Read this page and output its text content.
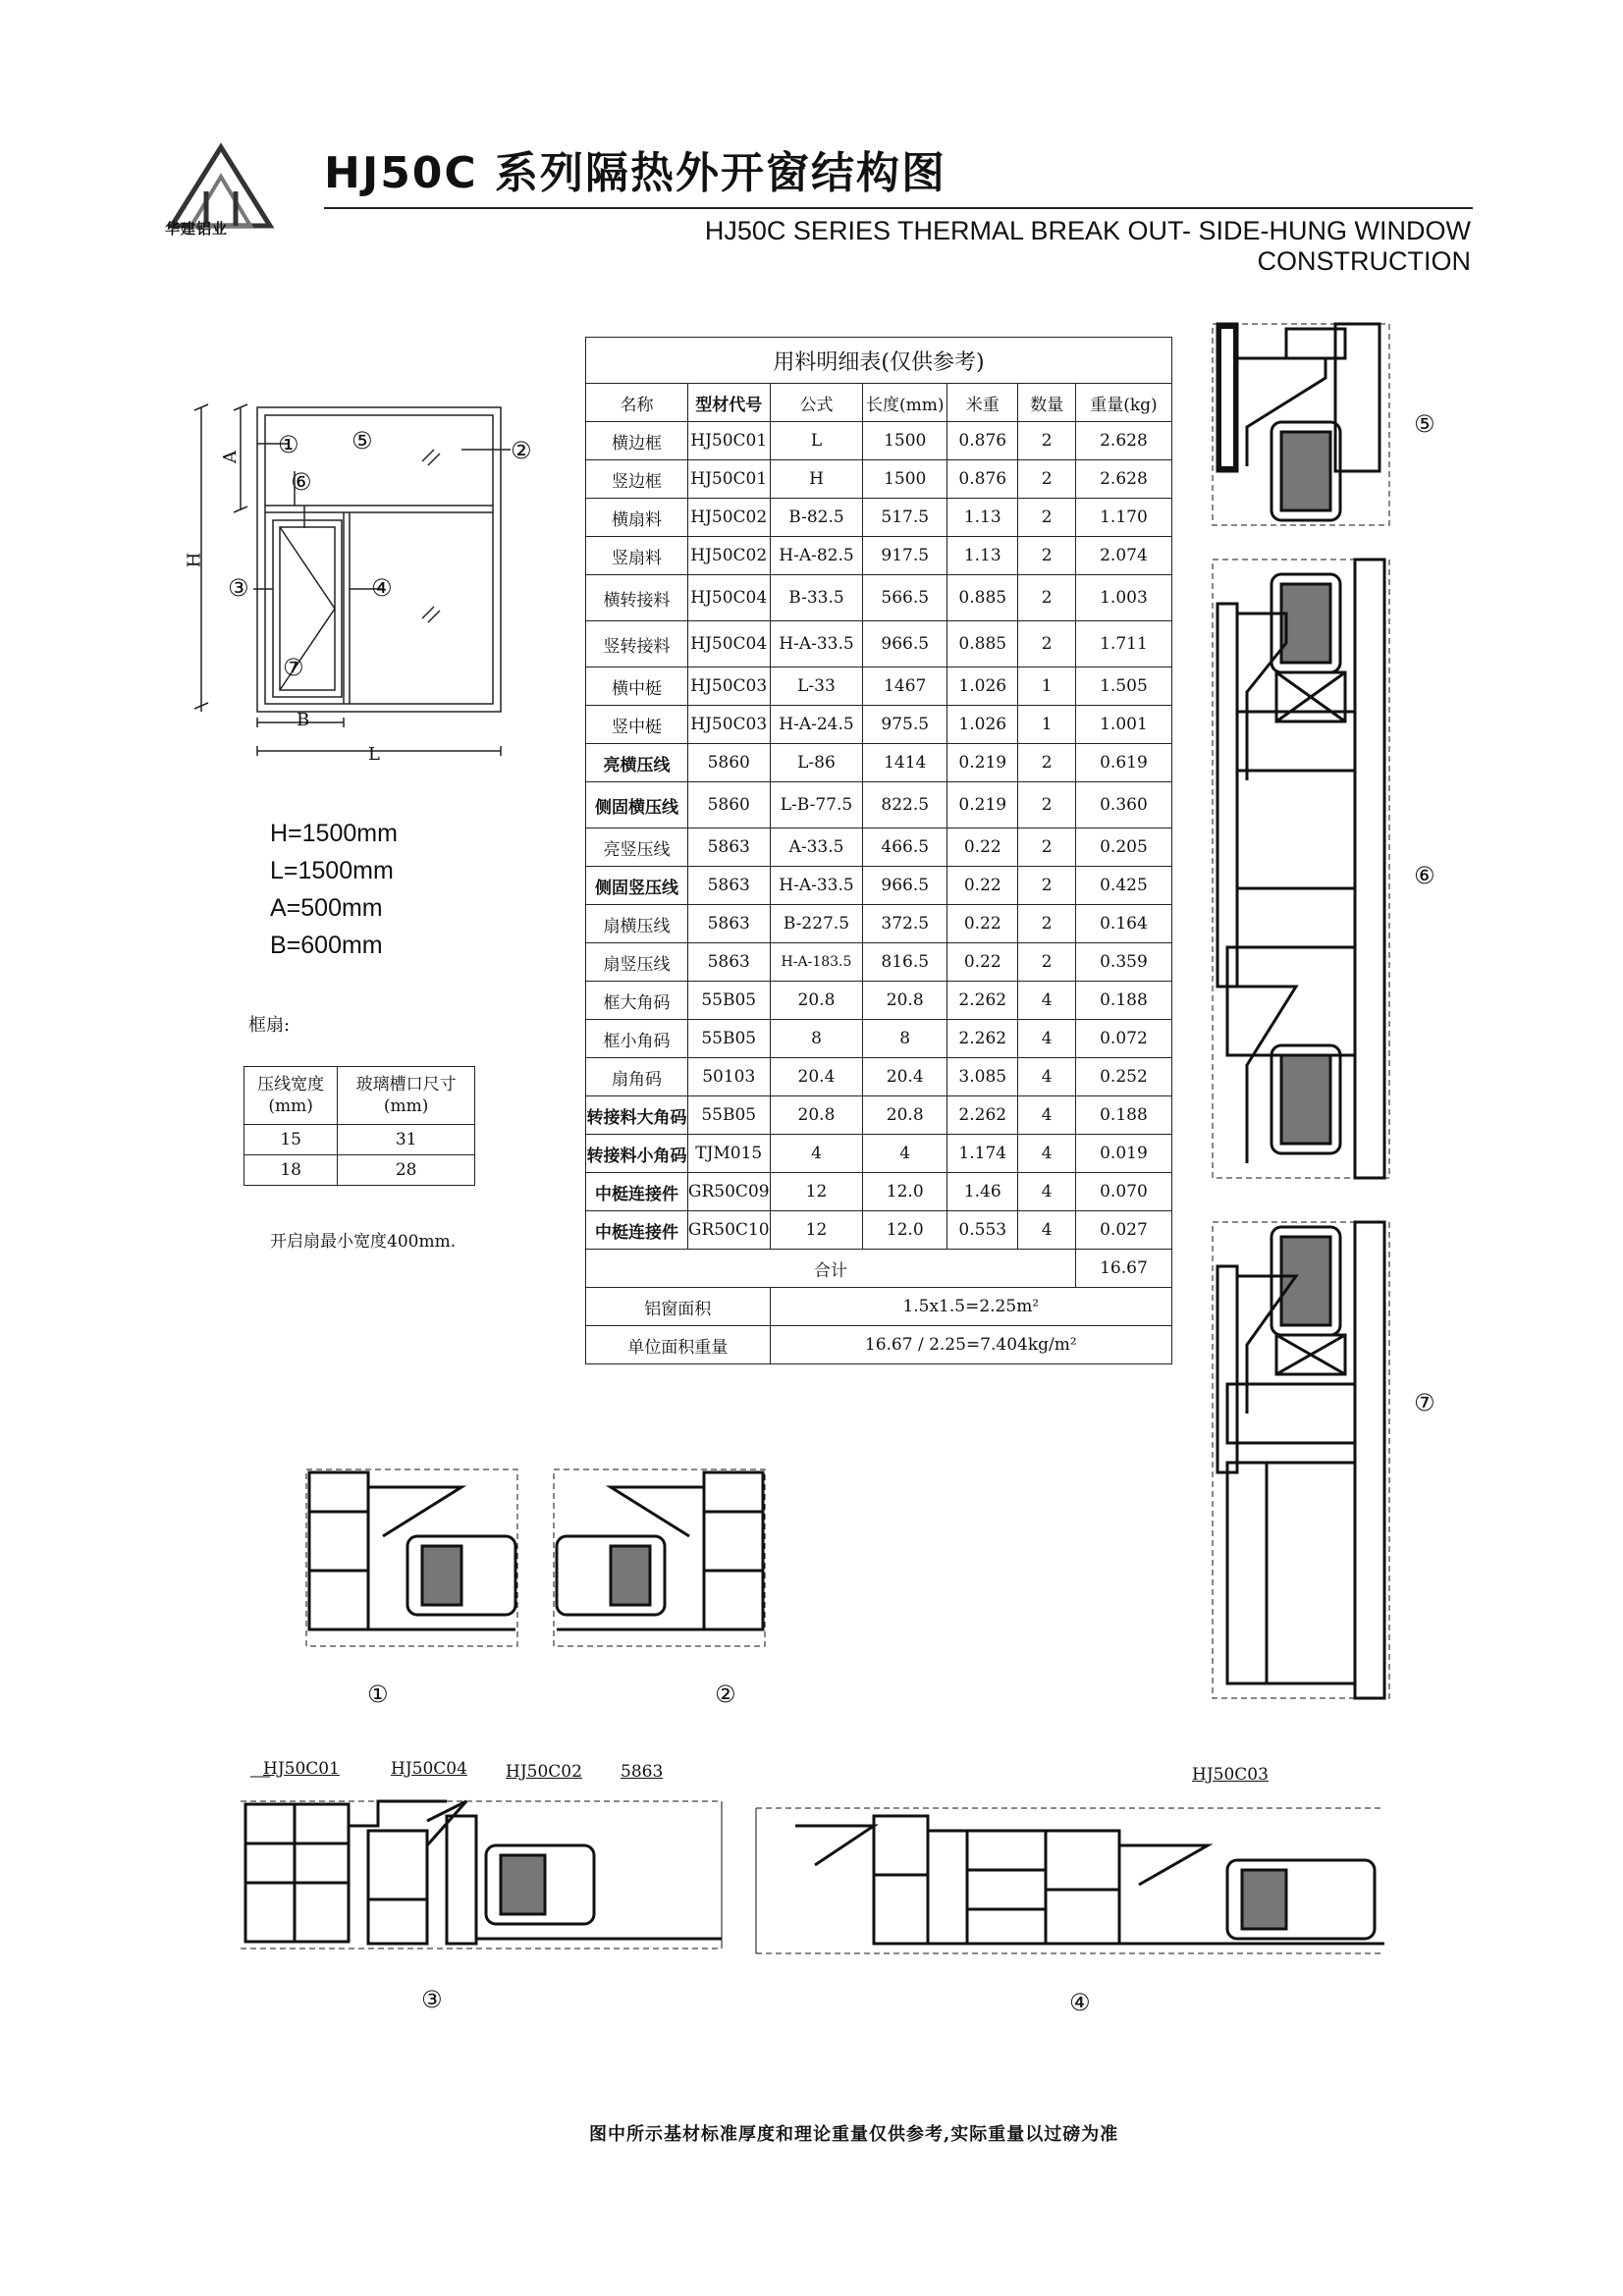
华建铝业
HJ50C 系列隔热外开窗结构图
HJ50C SERIES THERMAL BREAK OUT- SIDE-HUNG WINDOW CONSTRUCTION
H
A
B
L
① ⑤	②
⑥
③	④
⑦
H=1500mm
L=1500mm
A=500mm
B=600mm
框扇:
压线宽度
(mm)	玻璃槽口尺寸
(mm)
15	31
18	28
开启扇最小宽度400mm.
用料明细表(仅供参考)						
名称	型材代号	公式	长度(mm)	米重	数量	重量(kg)
横边框	HJ50C01	L	1500	0.876	2	2.628
竖边框	HJ50C01	H	1500	0.876	2	2.628
横扇料	HJ50C02	B-82.5	517.5	1.13	2	1.170
竖扇料	HJ50C02	H-A-82.5	917.5	1.13	2	2.074
横转接料	HJ50C04	B-33.5	566.5	0.885	2	1.003
竖转接料	HJ50C04	H-A-33.5	966.5	0.885	2	1.711
横中梃	HJ50C03	L-33	1467	1.026	1	1.505
竖中梃	HJ50C03	H-A-24.5	975.5	1.026	1	1.001
亮横压线	5860	L-86	1414	0.219	2	0.619
侧固横压线	5860	L-B-77.5	822.5	0.219	2	0.360
亮竖压线	5863	A-33.5	466.5	0.22	2	0.205
侧固竖压线	5863	H-A-33.5	966.5	0.22	2	0.425
扇横压线	5863	B-227.5	372.5	0.22	2	0.164
扇竖压线	5863	H-A-183.5	816.5	0.22	2	0.359
框大角码	55B05	20.8	20.8	2.262	4	0.188
框小角码	55B05	8	8	2.262	4	0.072
扇角码	50103	20.4	20.4	3.085	4	0.252
转接料大角码	55B05	20.8	20.8	2.262	4	0.188
转接料小角码	TJM015	4	4	1.174	4	0.019
中梃连接件	GR50C09	12	12.0	1.46	4	0.070
中梃连接件	GR50C10	12	12.0	0.553	4	0.027
合计						16.67
铝窗面积		1.5x1.5=2.25m²				
单位面积重量		16.67 / 2.25=7.404kg/m²				
⑤
⑥
⑦
①	②
HJ50C01	HJ50C04 HJ50C02 5863	HJ50C03
③	④
图中所示基材标准厚度和理论重量仅供参考,实际重量以过磅为准
